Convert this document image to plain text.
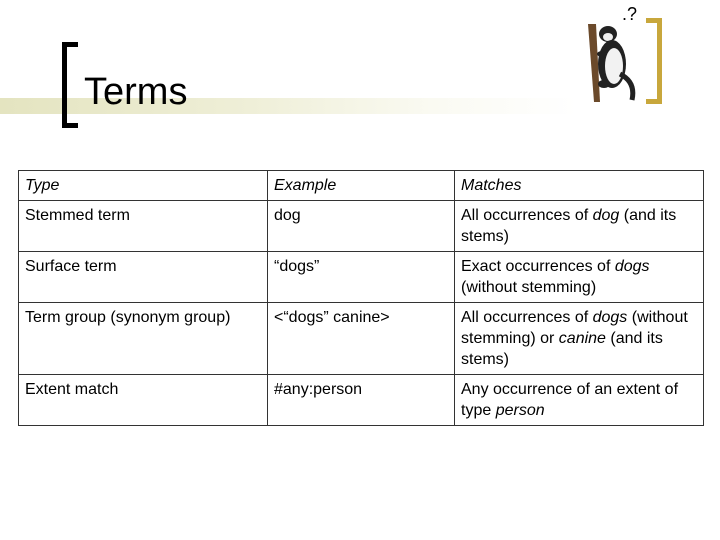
Terms
.?
Type	Example	Matches
Stemmed term	dog	All occurrences of dog (and its stems)
Surface term	“dogs”	Exact occurrences of dogs (without stemming)
Term group (synonym group)	<“dogs” canine>	All occurrences of dogs (without stemming) or canine (and its stems)
Extent match	#any:person	Any occurrence of an extent of type person
